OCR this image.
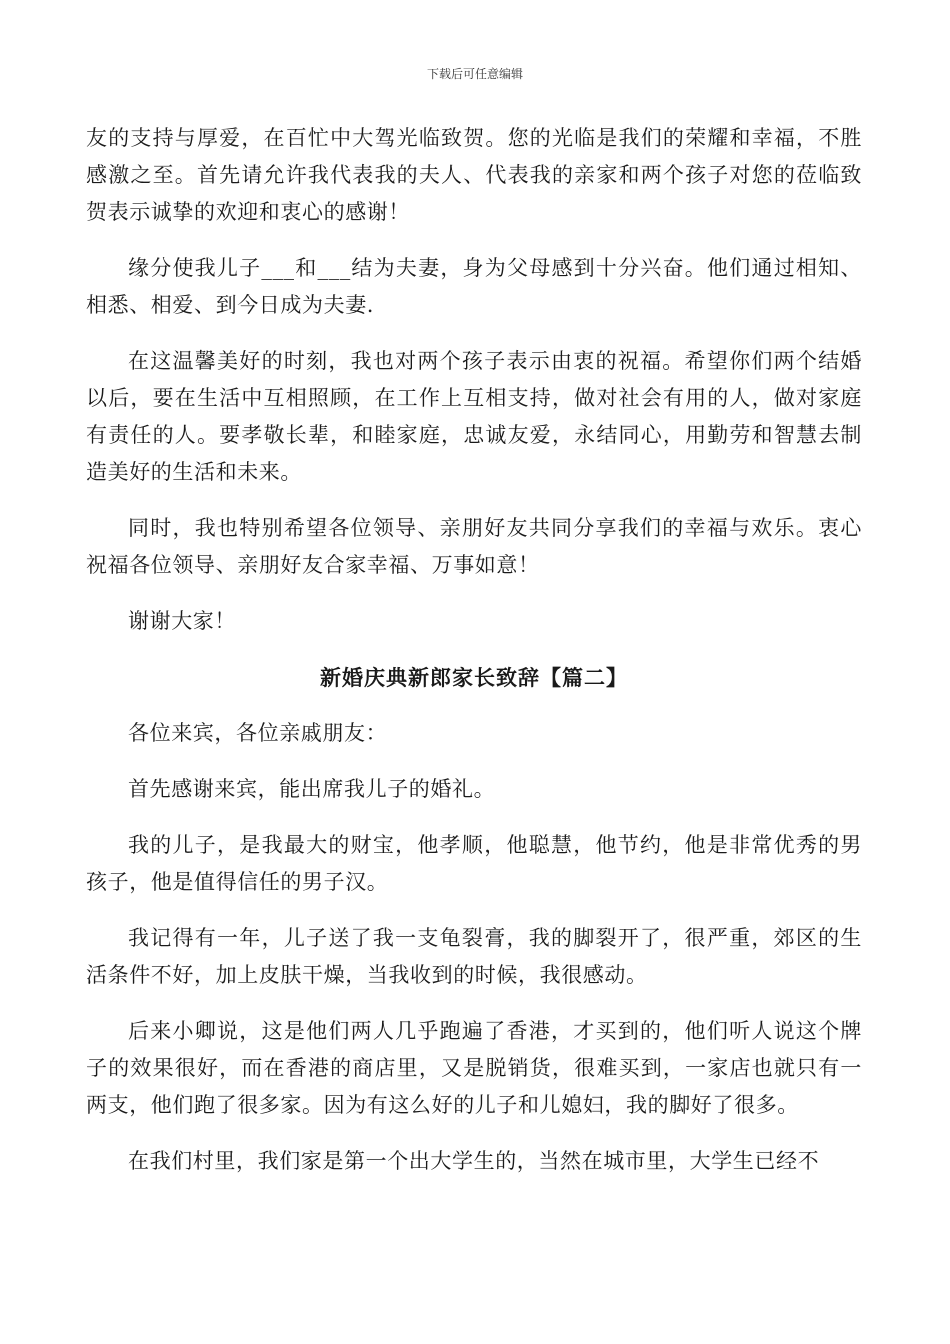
下载后可任意编辑

友的支持与厚爱，在百忙中大驾光临致贺。您的光临是我们的荣耀和幸福，不胜感激之至。首先请允许我代表我的夫人、代表我的亲家和两个孩子对您的莅临致贺表示诚挚的欢迎和衷心的感谢！

缘分使我儿子___和___结为夫妻，身为父母感到十分兴奋。他们通过相知、相悉、相爱、到今日成为夫妻.

在这温馨美好的时刻，我也对两个孩子表示由衷的祝福。希望你们两个结婚以后，要在生活中互相照顾，在工作上互相支持，做对社会有用的人，做对家庭有责任的人。要孝敬长辈，和睦家庭，忠诚友爱，永结同心，用勤劳和智慧去制造美好的生活和未来。

同时，我也特别希望各位领导、亲朋好友共同分享我们的幸福与欢乐。衷心祝福各位领导、亲朋好友合家幸福、万事如意！

谢谢大家！

新婚庆典新郎家长致辞【篇二】

各位来宾，各位亲戚朋友：

首先感谢来宾，能出席我儿子的婚礼。

我的儿子，是我最大的财宝，他孝顺，他聪慧，他节约，他是非常优秀的男孩子，他是值得信任的男子汉。

我记得有一年，儿子送了我一支龟裂膏，我的脚裂开了，很严重，郊区的生活条件不好，加上皮肤干燥，当我收到的时候，我很感动。

后来小卿说，这是他们两人几乎跑遍了香港，才买到的，他们听人说这个牌子的效果很好，而在香港的商店里，又是脱销货，很难买到，一家店也就只有一两支，他们跑了很多家。因为有这么好的儿子和儿媳妇，我的脚好了很多。

在我们村里，我们家是第一个出大学生的，当然在城市里，大学生已经不
